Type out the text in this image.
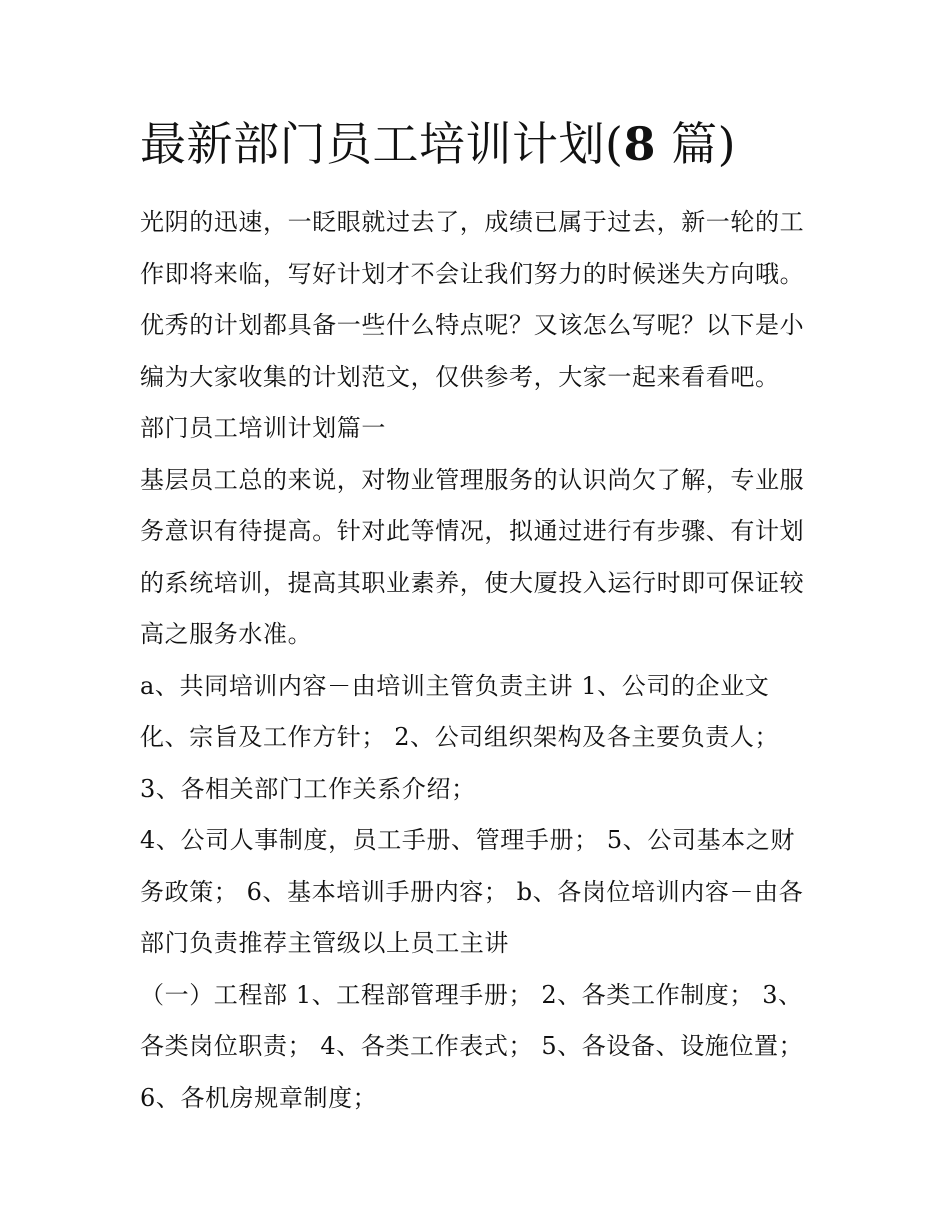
最新部门员工培训计划(8 篇)
光阴的迅速，一眨眼就过去了，成绩已属于过去，新一轮的工
作即将来临，写好计划才不会让我们努力的时候迷失方向哦。
优秀的计划都具备一些什么特点呢？又该怎么写呢？以下是小
编为大家收集的计划范文，仅供参考，大家一起来看看吧。
部门员工培训计划篇一
基层员工总的来说，对物业管理服务的认识尚欠了解，专业服
务意识有待提高。针对此等情况，拟通过进行有步骤、有计划
的系统培训，提高其职业素养，使大厦投入运行时即可保证较
高之服务水准。
a、共同培训内容－由培训主管负责主讲 1、公司的企业文
化、宗旨及工作方针； 2、公司组织架构及各主要负责人；
3、各相关部门工作关系介绍；
4、公司人事制度，员工手册、管理手册； 5、公司基本之财
务政策； 6、基本培训手册内容； b、各岗位培训内容－由各
部门负责推荐主管级以上员工主讲
（一）工程部 1、工程部管理手册； 2、各类工作制度； 3、
各类岗位职责； 4、各类工作表式； 5、各设备、设施位置；
6、各机房规章制度；
